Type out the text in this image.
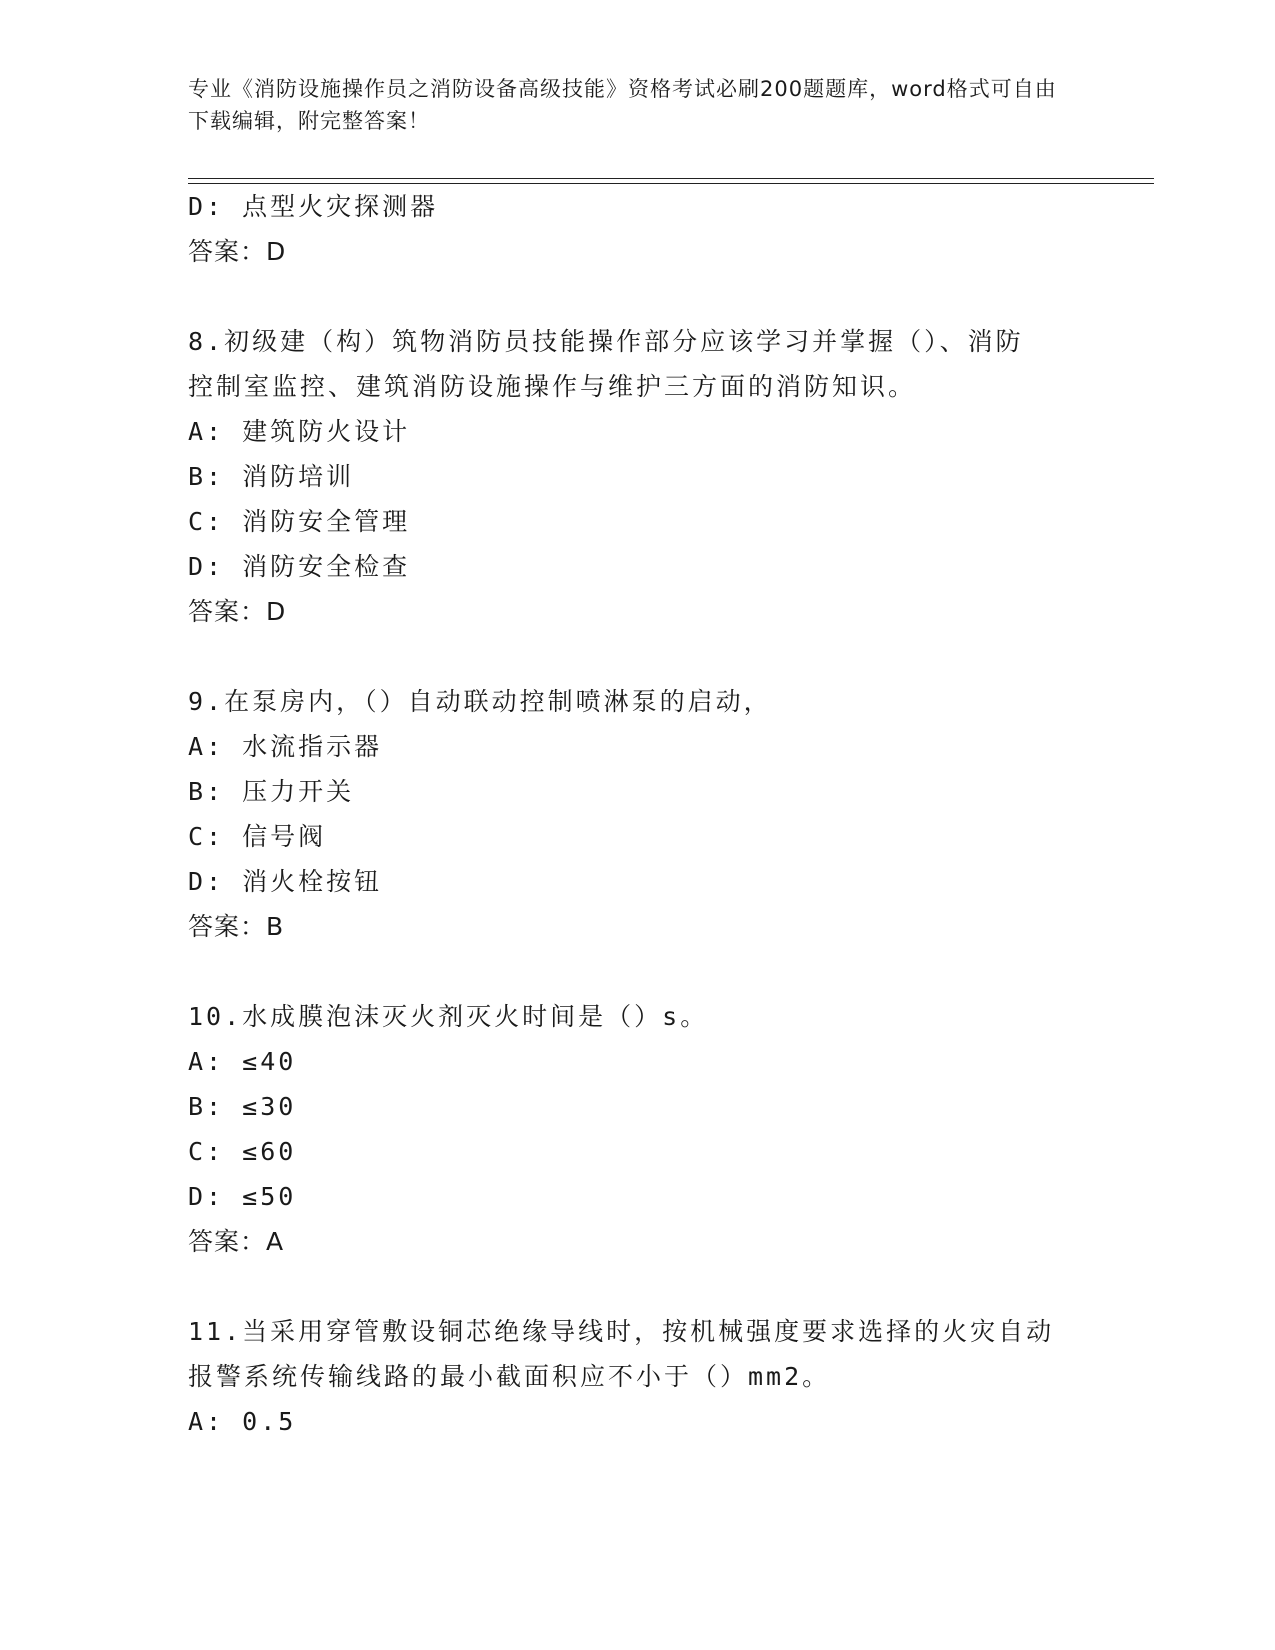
专业《消防设施操作员之消防设备高级技能》资格考试必刷200题题库，word格式可自由下载编辑，附完整答案！
D: 点型火灾探测器
答案：D
8.初级建（构）筑物消防员技能操作部分应该学习并掌握（）、消防
控制室监控、建筑消防设施操作与维护三方面的消防知识。
A: 建筑防火设计
B: 消防培训
C: 消防安全管理
D: 消防安全检查
答案：D
9.在泵房内，（）自动联动控制喷淋泵的启动，
A: 水流指示器
B: 压力开关
C: 信号阀
D: 消火栓按钮
答案：B
10.水成膜泡沫灭火剂灭火时间是（）s。
A: ≤40
B: ≤30
C: ≤60
D: ≤50
答案：A
11.当采用穿管敷设铜芯绝缘导线时，按机械强度要求选择的火灾自动
报警系统传输线路的最小截面积应不小于（）mm2。
A: 0.5
